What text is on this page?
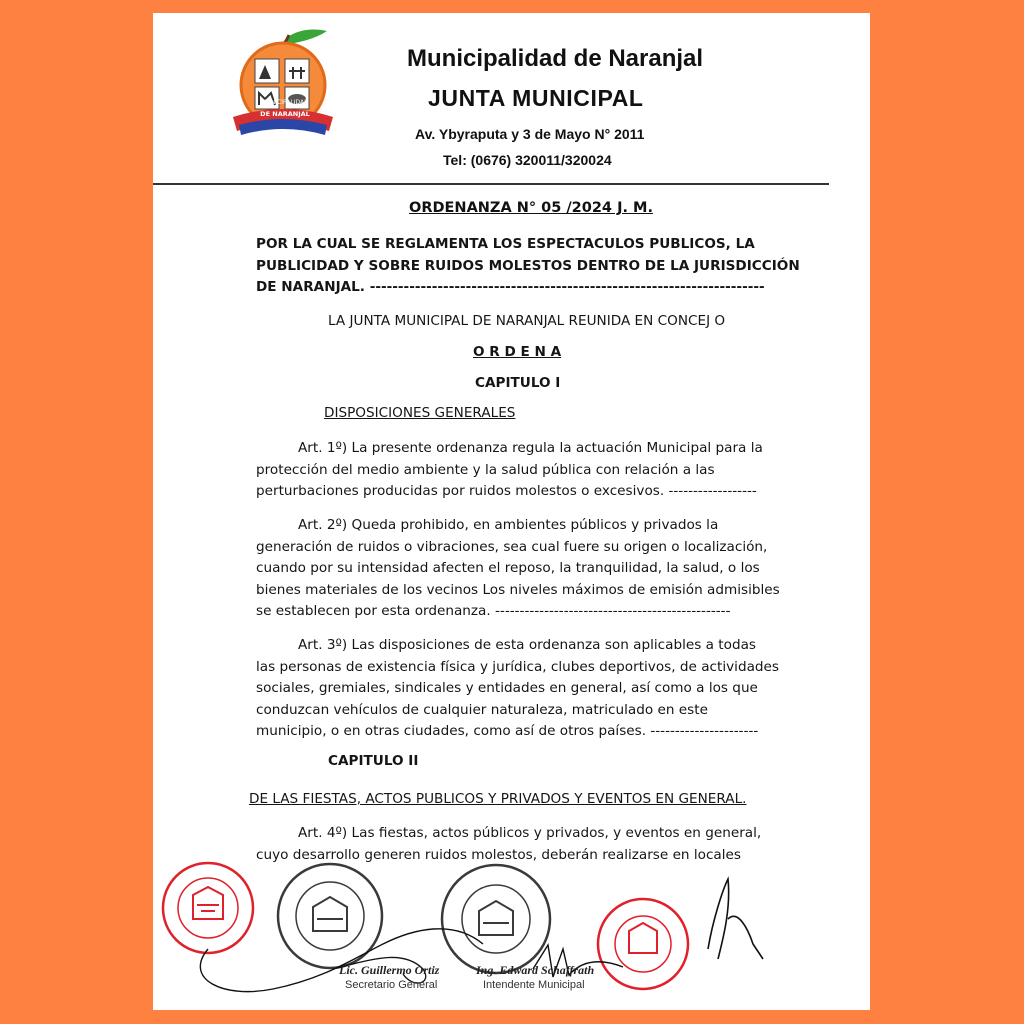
MUNICIPALIDAD
DE NARANJAL
Municipalidad de Naranjal
JUNTA MUNICIPAL
Av. Ybyraputa y 3 de Mayo N° 2011
Tel: (0676) 320011/320024
ORDENANZA N° 05 /2024 J. M.
POR LA CUAL SE REGLAMENTA LOS ESPECTACULOS PUBLICOS, LA
PUBLICIDAD Y SOBRE RUIDOS MOLESTOS DENTRO DE LA JURISDICCIÓN
DE NARANJAL. ----------------------------------------------------------------------
LA JUNTA MUNICIPAL DE NARANJAL REUNIDA EN CONCEJ O
O R D E N A
CAPITULO I
DISPOSICIONES GENERALES
Art. 1º) La presente ordenanza regula la actuación Municipal para la
protección del medio ambiente y la salud pública con relación a las
perturbaciones producidas por ruidos molestos o excesivos. ------------------
Art. 2º) Queda prohibido, en ambientes públicos y privados la
generación de ruidos o vibraciones, sea cual fuere su origen o localización,
cuando por su intensidad afecten el reposo, la tranquilidad, la salud, o los
bienes materiales de los vecinos Los niveles máximos de emisión admisibles
se establecen por esta ordenanza. ------------------------------------------------
Art. 3º) Las disposiciones de esta ordenanza son aplicables a todas
las personas de existencia física y jurídica, clubes deportivos, de actividades
sociales, gremiales, sindicales y entidades en general, así como a los que
conduzcan vehículos de cualquier naturaleza, matriculado en este
municipio, o en otras ciudades, como así de otros países. ----------------------
CAPITULO II
DE LAS FIESTAS, ACTOS PUBLICOS Y PRIVADOS Y EVENTOS EN GENERAL.
Art. 4º) Las fiestas, actos públicos y privados, y eventos en general,
cuyo desarrollo generen ruidos molestos, deberán realizarse en locales
Lic. Guillermo Ortiz
Secretario General
Ing. Edward Schaffrath
Intendente Municipal
